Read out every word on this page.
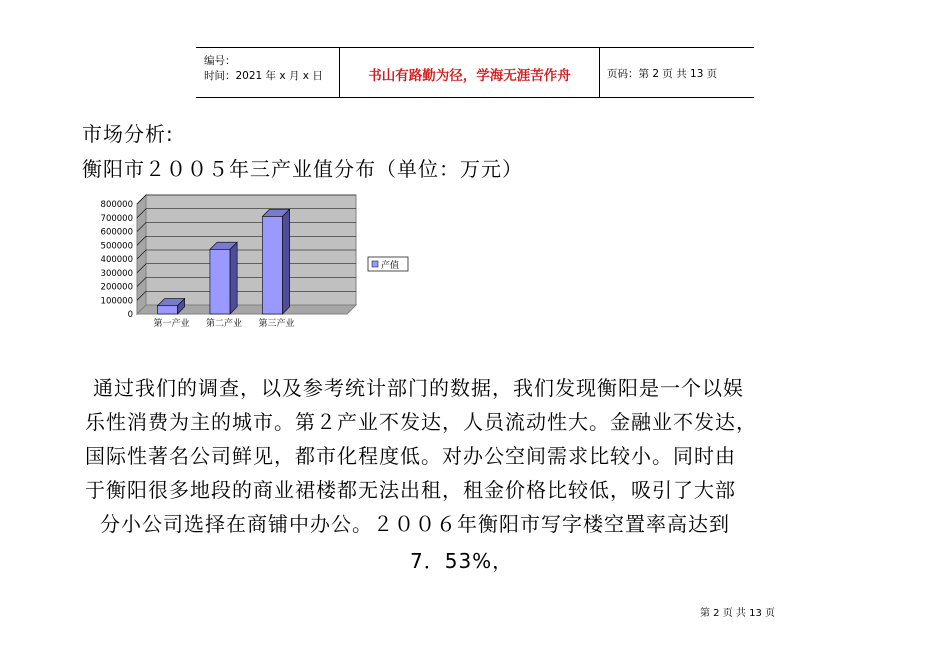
编号：
时间：2021 年 x 月 x 日	书山有路勤为径，学海无涯苦作舟	页码：第 2 页 共 13 页
市场分析:
衡阳市２００５年三产业值分布（单位：万元）
0
100000
200000
300000
400000
500000
600000
700000
800000
第一产业 第二产业 第三产业
产值
通过我们的调查，以及参考统计部门的数据，我们发现衡阳是一个以娱
乐性消费为主的城市。第２产业不发达，人员流动性大。金融业不发达，
国际性著名公司鲜见，都市化程度低。对办公空间需求比较小。同时由
于衡阳很多地段的商业裙楼都无法出租，租金价格比较低，吸引了大部
分小公司选择在商铺中办公。２００６年衡阳市写字楼空置率高达到
7．53%，
第 2 页 共 13 页
